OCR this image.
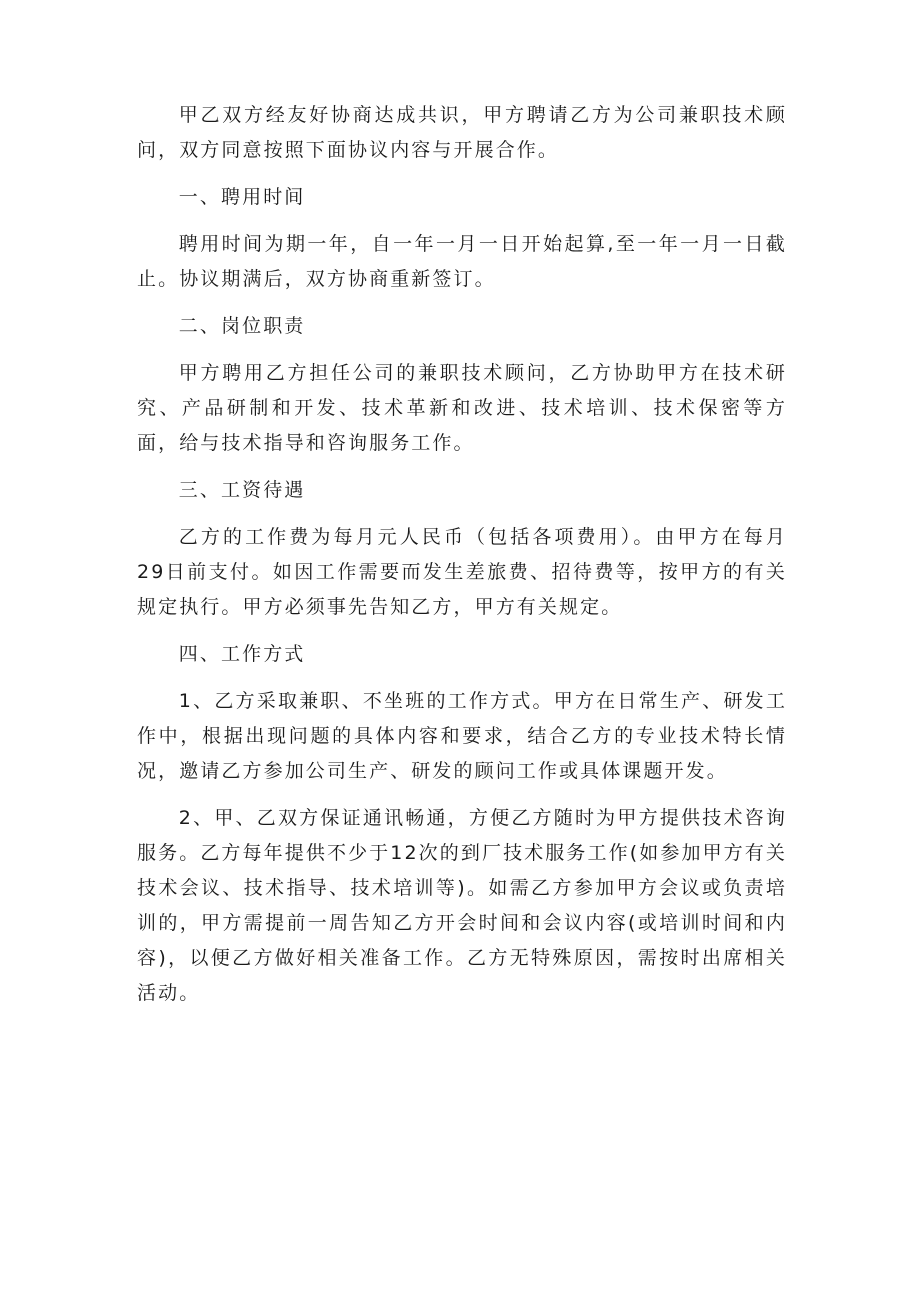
甲乙双方经友好协商达成共识，甲方聘请乙方为公司兼职技术顾问，双方同意按照下面协议内容与开展合作。

一、聘用时间

聘用时间为期一年，自一年一月一日开始起算,至一年一月一日截止。协议期满后，双方协商重新签订。

二、岗位职责

甲方聘用乙方担任公司的兼职技术顾问，乙方协助甲方在技术研究、产品研制和开发、技术革新和改进、技术培训、技术保密等方面，给与技术指导和咨询服务工作。

三、工资待遇

乙方的工作费为每月元人民币（包括各项费用）。由甲方在每月29日前支付。如因工作需要而发生差旅费、招待费等，按甲方的有关规定执行。甲方必须事先告知乙方，甲方有关规定。

四、工作方式

1、乙方采取兼职、不坐班的工作方式。甲方在日常生产、研发工作中，根据出现问题的具体内容和要求，结合乙方的专业技术特长情况，邀请乙方参加公司生产、研发的顾问工作或具体课题开发。

2、甲、乙双方保证通讯畅通，方便乙方随时为甲方提供技术咨询服务。乙方每年提供不少于12次的到厂技术服务工作(如参加甲方有关技术会议、技术指导、技术培训等)。如需乙方参加甲方会议或负责培训的，甲方需提前一周告知乙方开会时间和会议内容(或培训时间和内容)，以便乙方做好相关准备工作。乙方无特殊原因，需按时出席相关活动。
